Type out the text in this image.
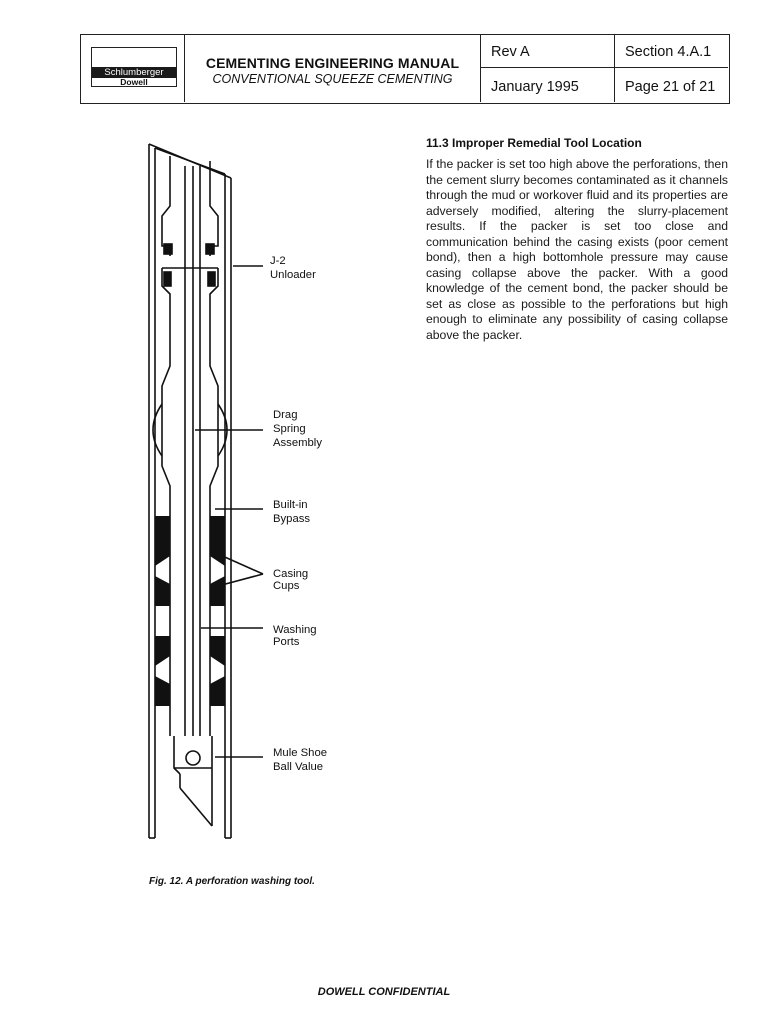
Schlumberger
Dowell
CEMENTING ENGINEERING MANUAL
CONVENTIONAL SQUEEZE CEMENTING
Rev A
January 1995
Section 4.A.1
Page 21 of 21
J-2
Unloader
Drag
Spring
Assembly
Built-in
Bypass
Casing
Cups
Washing
Ports
Mule Shoe
Ball Value
Fig. 12. A perforation washing tool.
11.3 Improper Remedial Tool Location
If the packer is set too high above the perforations, then the cement slurry becomes contaminated as it channels through the mud or workover fluid and its properties are adversely modified, altering the slurry-placement results. If the packer is set too close and communication behind the casing exists (poor cement bond), then a high bottomhole pressure may cause casing collapse above the packer. With a good knowledge of the cement bond, the packer should be set as close as possible to the perforations but high enough to eliminate any possibility of casing collapse above the packer.
DOWELL CONFIDENTIAL
